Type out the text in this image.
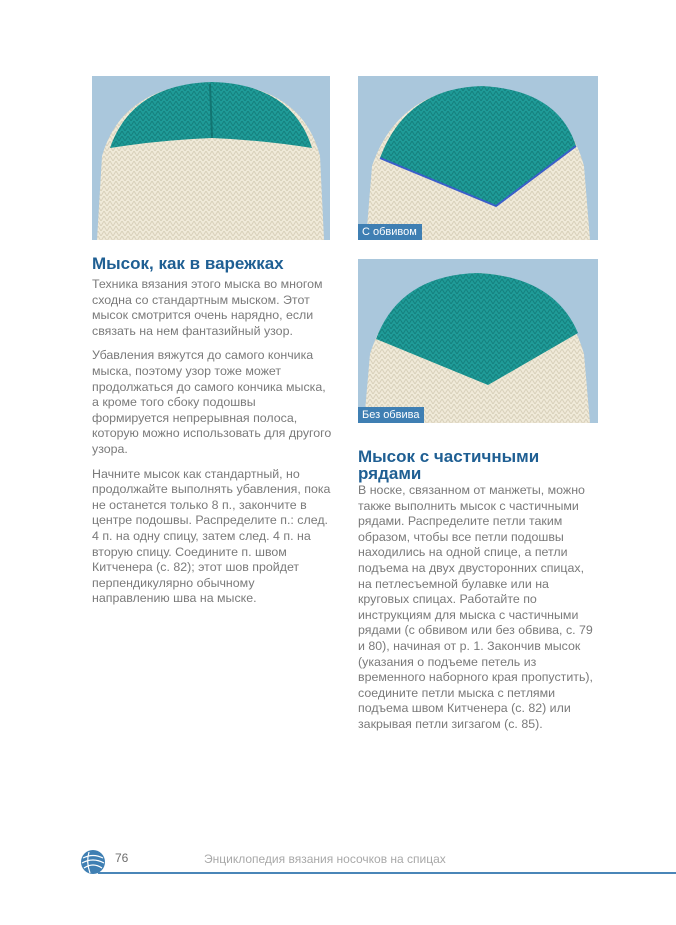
С обвивом
Без обвива
Мысок, как в варежках

Техника вязания этого мыска во многом сходна со стандартным мыском. Этот мысок смотрится очень нарядно, если связать на нем фантазийный узор.

Убавления вяжутся до самого кончика мыска, поэтому узор тоже может продолжаться до самого кончика мыска, а кроме того сбоку подошвы формируется непрерывная полоса, которую можно использовать для другого узора.

Начните мысок как стандартный, но продолжайте выполнять убавления, пока не останется только 8 п., закончите в центре подошвы. Распределите п.: след. 4 п. на одну спицу, затем след. 4 п. на вторую спицу. Соедините п. швом Китченера (с. 82); этот шов пройдет перпендикулярно обычному направлению шва на мыске.

Мысок с частичными рядами

В носке, связанном от манжеты, можно также выполнить мысок с частичными рядами. Распределите петли таким образом, чтобы все петли подошвы находились на одной спице, а петли подъема на двух двусторонних спицах, на петлесъемной булавке или на круговых спицах. Работайте по инструкциям для мыска с частичными рядами (с обвивом или без обвива, с. 79 и 80), начиная от р. 1. Закончив мысок (указания о подъеме петель из временного наборного края пропустить), соедините петли мыска с петлями подъема швом Китченера (с. 82) или закрывая петли зигзагом (с. 85).

76	Энциклопедия вязания носочков на спицах
